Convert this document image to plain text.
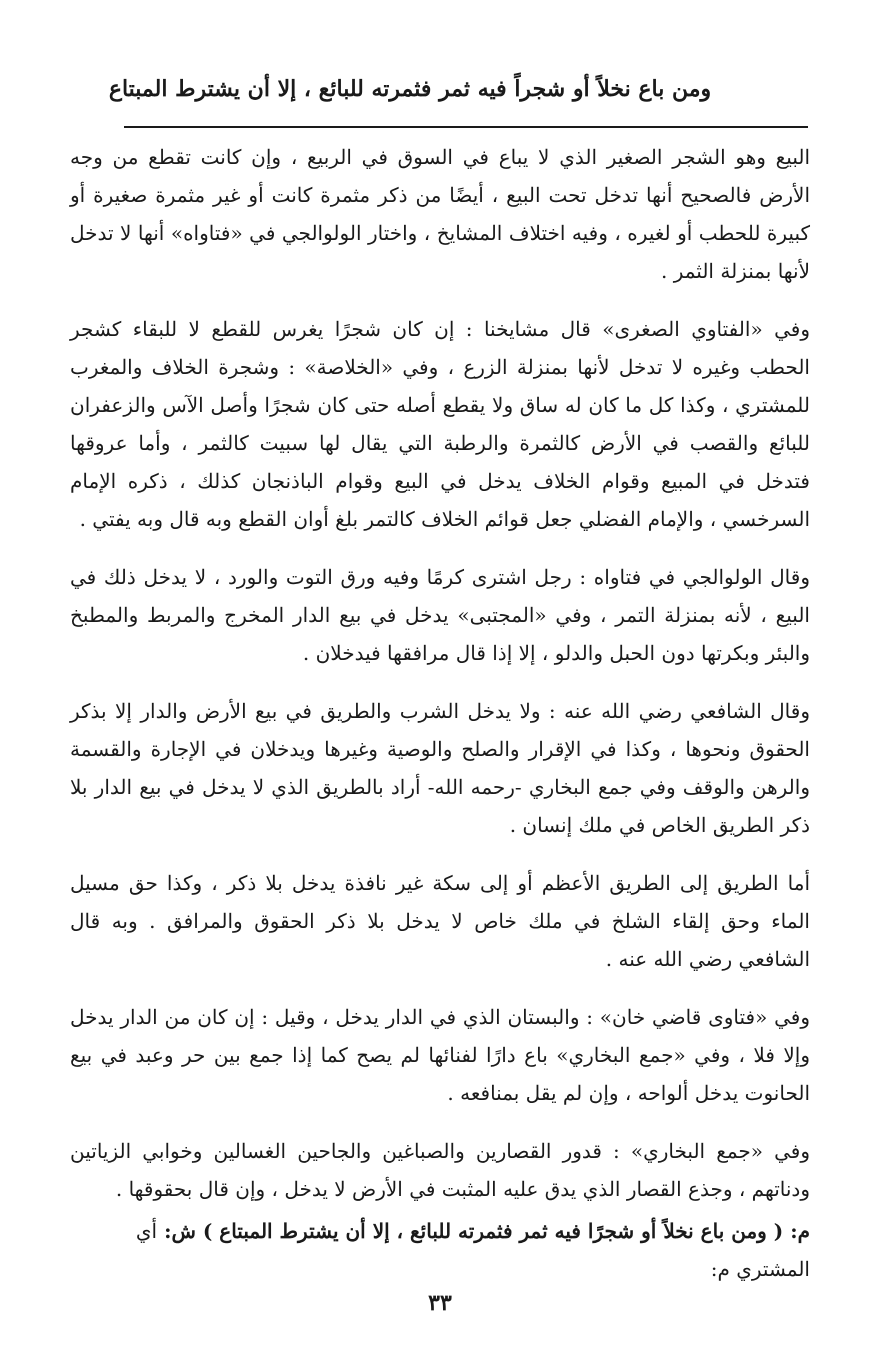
ومن باع نخلاً أو شجراً فيه ثمر فثمرته للبائع ، إلا أن يشترط المبتاع

البيع وهو الشجر الصغير الذي لا يباع في السوق في الربيع ، وإن كانت تقطع من وجه الأرض فالصحيح أنها تدخل تحت البيع ، أيضًا من ذكر مثمرة كانت أو غير مثمرة صغيرة أو كبيرة للحطب أو لغيره ، وفيه اختلاف المشايخ ، واختار الولوالجي في «فتاواه» أنها لا تدخل لأنها بمنزلة الثمر .

وفي «الفتاوي الصغرى» قال مشايخنا : إن كان شجرًا يغرس للقطع لا للبقاء كشجر الحطب وغيره لا تدخل لأنها بمنزلة الزرع ، وفي «الخلاصة» : وشجرة الخلاف والمغرب للمشتري ، وكذا كل ما كان له ساق ولا يقطع أصله حتى كان شجرًا وأصل الآس والزعفران للبائع والقصب في الأرض كالثمرة والرطبة التي يقال لها سبيت كالثمر ، وأما عروقها فتدخل في المبيع وقوام الخلاف يدخل في البيع وقوام الباذنجان كذلك ، ذكره الإمام السرخسي ، والإمام الفضلي جعل قوائم الخلاف كالتمر بلغ أوان القطع وبه قال وبه يفتي .

وقال الولوالجي في فتاواه : رجل اشترى كرمًا وفيه ورق التوت والورد ، لا يدخل ذلك في البيع ، لأنه بمنزلة التمر ، وفي «المجتبى» يدخل في بيع الدار المخرج والمربط والمطبخ والبئر وبكرتها دون الحبل والدلو ، إلا إذا قال مرافقها فيدخلان .

وقال الشافعي رضي الله عنه : ولا يدخل الشرب والطريق في بيع الأرض والدار إلا بذكر الحقوق ونحوها ، وكذا في الإقرار والصلح والوصية وغيرها ويدخلان في الإجارة والقسمة والرهن والوقف وفي جمع البخاري -رحمه الله- أراد بالطريق الذي لا يدخل في بيع الدار بلا ذكر الطريق الخاص في ملك إنسان .

أما الطريق إلى الطريق الأعظم أو إلى سكة غير نافذة يدخل بلا ذكر ، وكذا حق مسيل الماء وحق إلقاء الشلخ في ملك خاص لا يدخل بلا ذكر الحقوق والمرافق . وبه قال الشافعي رضي الله عنه .

وفي «فتاوى قاضي خان» : والبستان الذي في الدار يدخل ، وقيل : إن كان من الدار يدخل وإلا فلا ، وفي «جمع البخاري» باع دارًا لفنائها لم يصح كما إذا جمع بين حر وعبد في بيع الحانوت يدخل ألواحه ، وإن لم يقل بمنافعه .

وفي «جمع البخاري» : قدور القصارين والصباغين والجاحين الغسالين وخوابي الزياتين ودناتهم ، وجذع القصار الذي يدق عليه المثبت في الأرض لا يدخل ، وإن قال بحقوقها .

م: ( ومن باع نخلاً أو شجرًا فيه ثمر فثمرته للبائع ، إلا أن يشترط المبتاع ) ش: أي المشتري م:
٣٣
